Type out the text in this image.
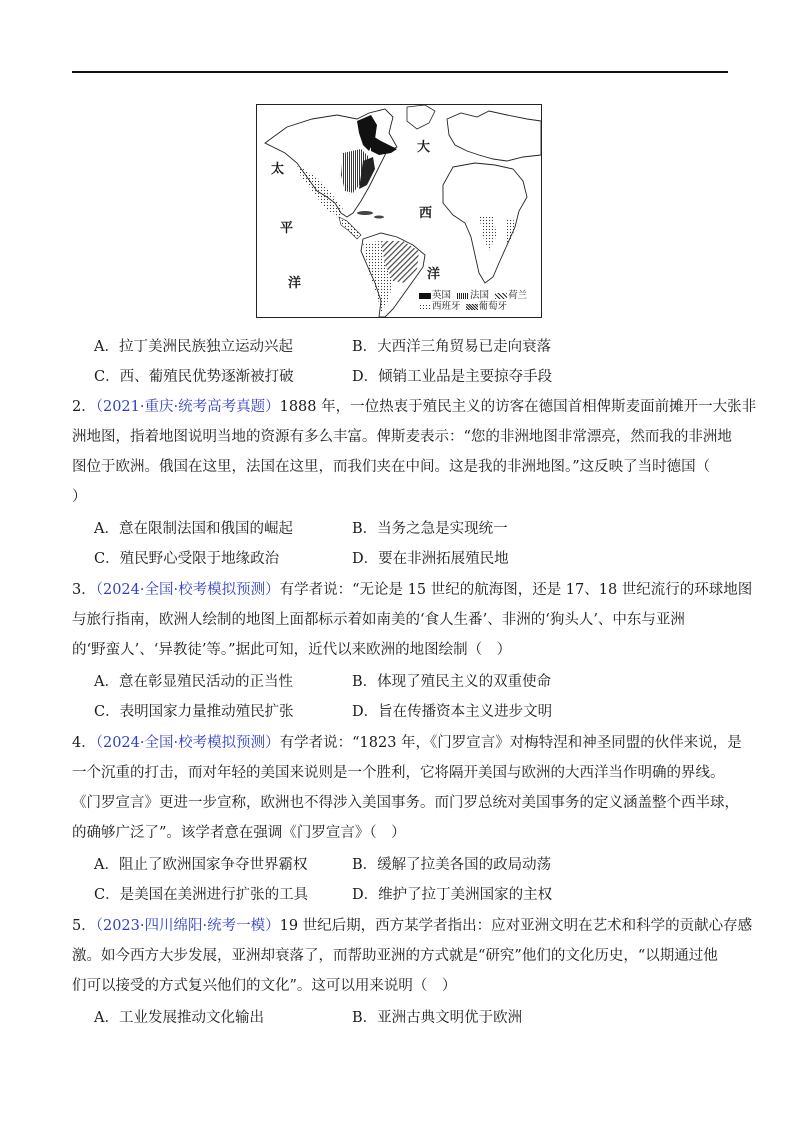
太
平
洋
大
西
洋
英国 法国 荷兰
西班牙 葡萄牙
A．拉丁美洲民族独立运动兴起	B．大西洋三角贸易已走向衰落
C．西、葡殖民优势逐渐被打破	D．倾销工业品是主要掠夺手段
2．（2021·重庆·统考高考真题）1888 年，一位热衷于殖民主义的访客在德国首相俾斯麦面前摊开一大张非
洲地图，指着地图说明当地的资源有多么丰富。俾斯麦表示：“您的非洲地图非常漂亮，然而我的非洲地
图位于欧洲。俄国在这里，法国在这里，而我们夹在中间。这是我的非洲地图。”这反映了当时德国（
）
A．意在限制法国和俄国的崛起	B．当务之急是实现统一
C．殖民野心受限于地缘政治	D．要在非洲拓展殖民地
3．（2024·全国·校考模拟预测）有学者说：“无论是 15 世纪的航海图，还是 17、18 世纪流行的环球地图
与旅行指南，欧洲人绘制的地图上面都标示着如南美的‘食人生番’、非洲的‘狗头人’、中东与亚洲
的‘野蛮人’、‘异教徒’等。”据此可知，近代以来欧洲的地图绘制（　）
A．意在彰显殖民活动的正当性	B．体现了殖民主义的双重使命
C．表明国家力量推动殖民扩张	D．旨在传播资本主义进步文明
4．（2024·全国·校考模拟预测）有学者说：“1823 年，《门罗宣言》对梅特涅和神圣同盟的伙伴来说，是
一个沉重的打击，而对年轻的美国来说则是一个胜利，它将隔开美国与欧洲的大西洋当作明确的界线。
《门罗宣言》更进一步宣称，欧洲也不得涉入美国事务。而门罗总统对美国事务的定义涵盖整个西半球，
的确够广泛了”。该学者意在强调《门罗宣言》（　）
A．阻止了欧洲国家争夺世界霸权	B．缓解了拉美各国的政局动荡
C．是美国在美洲进行扩张的工具	D．维护了拉丁美洲国家的主权
5．（2023·四川绵阳·统考一模）19 世纪后期，西方某学者指出：应对亚洲文明在艺术和科学的贡献心存感
激。如今西方大步发展，亚洲却衰落了，而帮助亚洲的方式就是“研究”他们的文化历史，“以期通过他
们可以接受的方式复兴他们的文化”。这可以用来说明（　）
A．工业发展推动文化输出	B．亚洲古典文明优于欧洲
